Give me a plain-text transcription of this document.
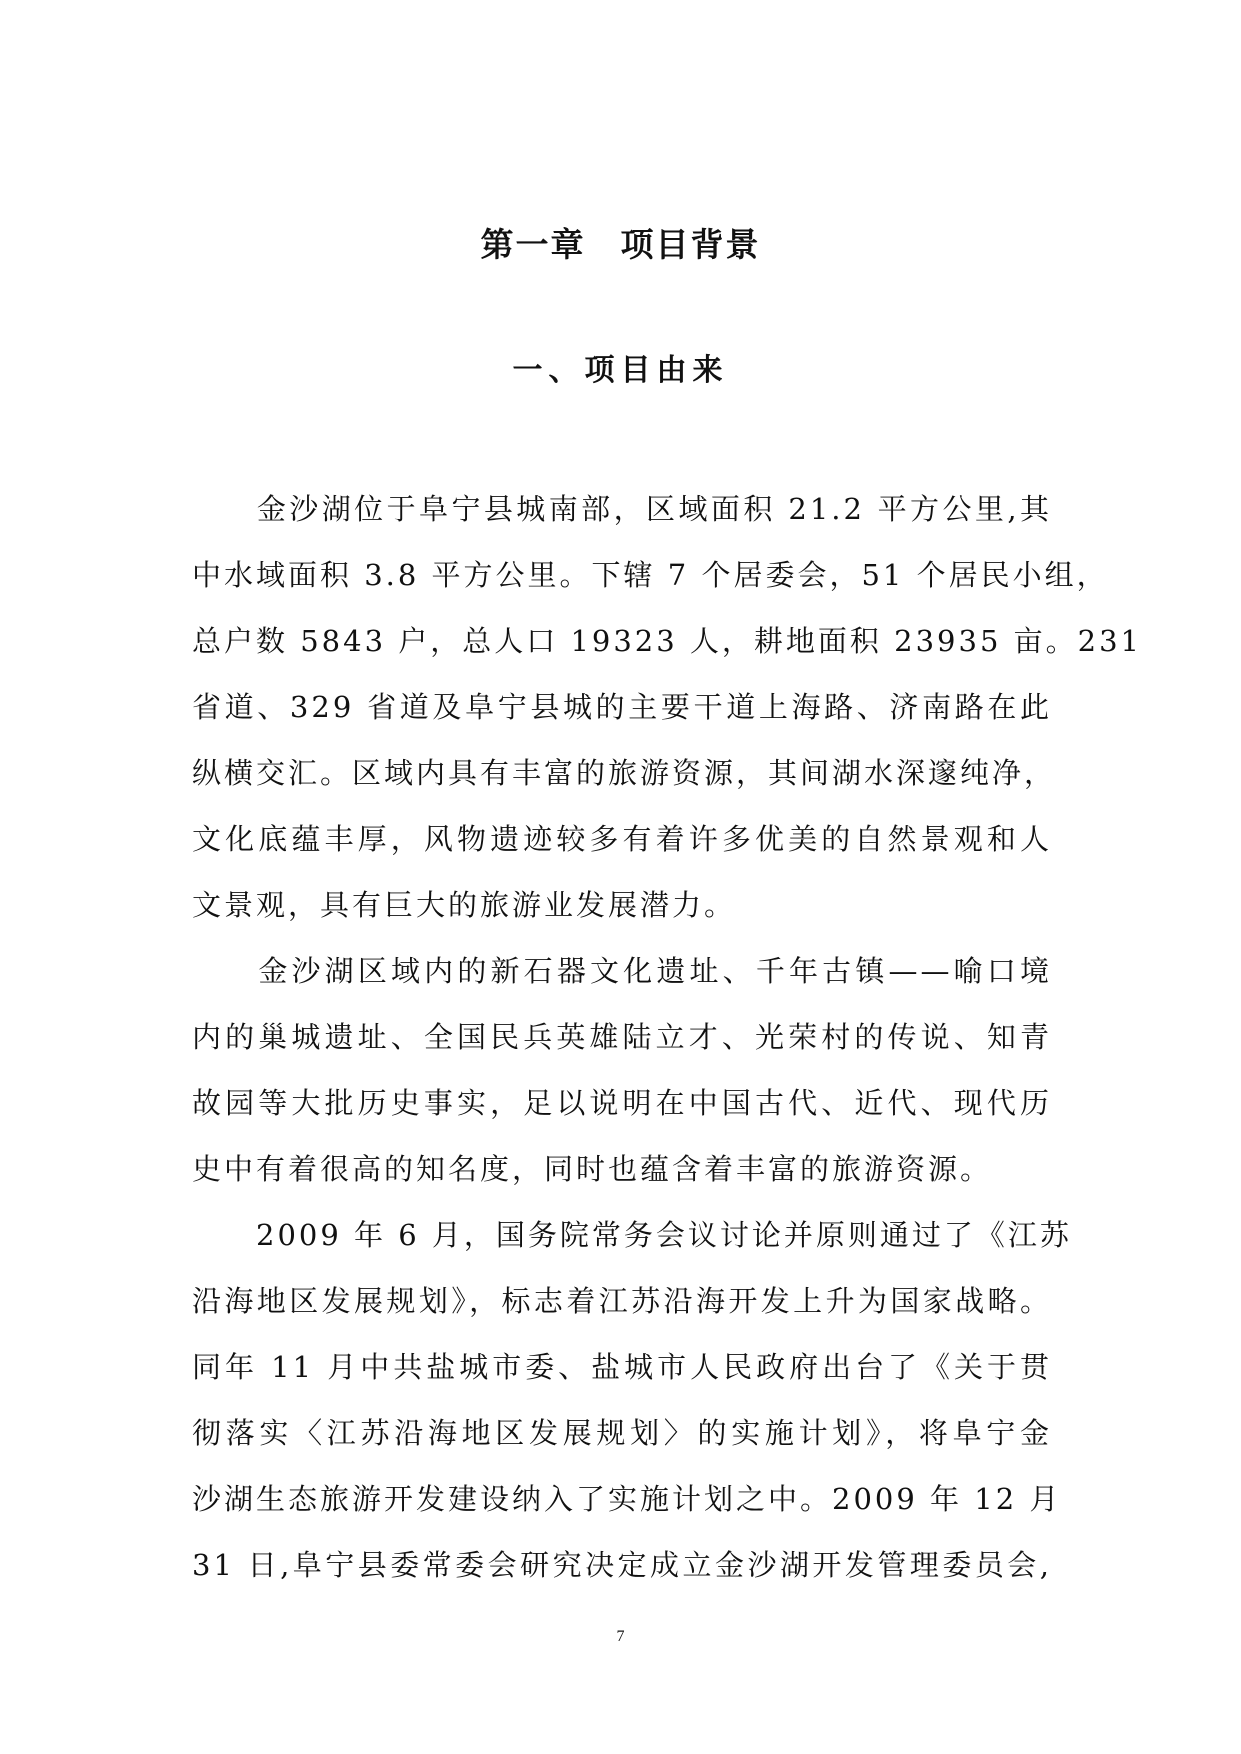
第一章　项目背景
一、项目由来
　　金沙湖位于阜宁县城南部，区域面积 21.2 平方公里,其
中水域面积 3.8 平方公里。下辖 7 个居委会，51 个居民小组，
总户数 5843 户，总人口 19323 人，耕地面积 23935 亩。231
省道、329 省道及阜宁县城的主要干道上海路、济南路在此
纵横交汇。区域内具有丰富的旅游资源，其间湖水深邃纯净，
文化底蕴丰厚，风物遗迹较多有着许多优美的自然景观和人
文景观，具有巨大的旅游业发展潜力。
　　金沙湖区域内的新石器文化遗址、千年古镇——喻口境
内的巢城遗址、全国民兵英雄陆立才、光荣村的传说、知青
故园等大批历史事实，足以说明在中国古代、近代、现代历
史中有着很高的知名度，同时也蕴含着丰富的旅游资源。
　　2009 年 6 月，国务院常务会议讨论并原则通过了《江苏
沿海地区发展规划》，标志着江苏沿海开发上升为国家战略。
同年 11 月中共盐城市委、盐城市人民政府出台了《关于贯
彻落实〈江苏沿海地区发展规划〉的实施计划》，将阜宁金
沙湖生态旅游开发建设纳入了实施计划之中。2009 年 12 月
31 日,阜宁县委常委会研究决定成立金沙湖开发管理委员会,
7
